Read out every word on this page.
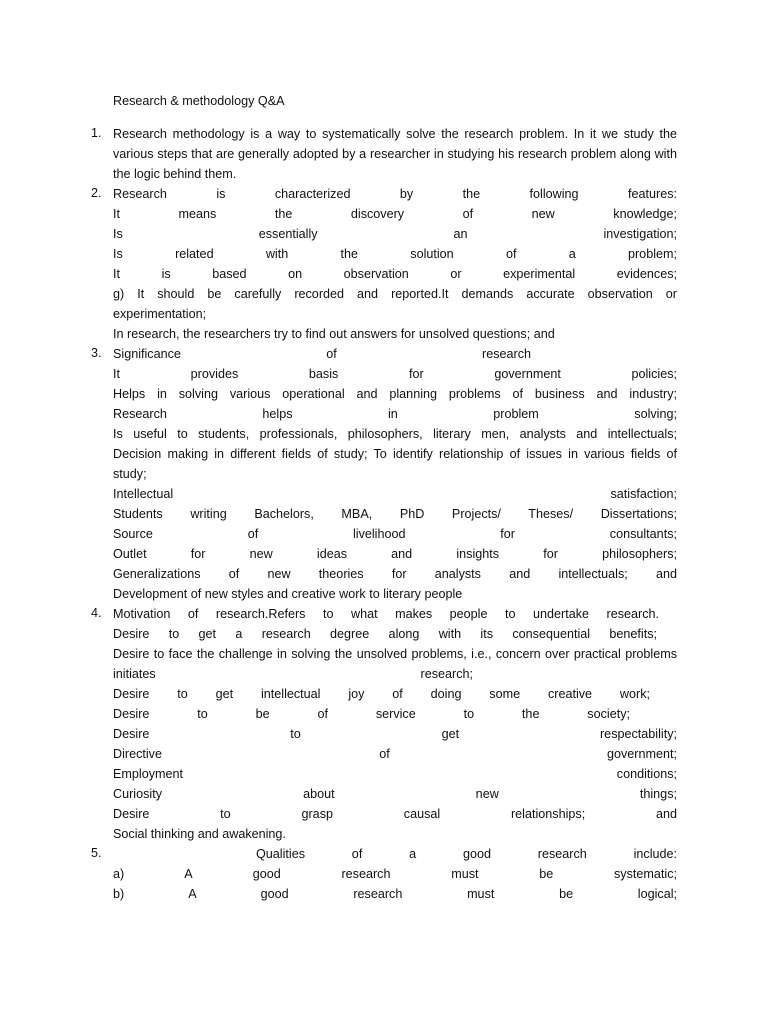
Research & methodology Q&A
1. Research methodology is a way to systematically solve the research problem. In it we study the
various steps that are generally adopted by a researcher in studying his research problem along with
the logic behind them.
2. Research is characterized by the following features:
It means the discovery of new knowledge;
Is essentially an investigation;
Is related with the solution of a problem;
It is based on observation or experimental evidences;
g) It should be carefully recorded and reported.It demands accurate observation or
experimentation;
In research, the researchers try to find out answers for unsolved questions; and
3. Significance of research
It provides basis for government policies;
Helps in solving various operational and planning problems of business and industry;
Research helps in problem solving;
Is useful to students, professionals, philosophers, literary men, analysts and intellectuals;
Decision making in different fields of study; To identify relationship of issues in various fields of
study;
Intellectual satisfaction;
Students writing Bachelors, MBA, PhD Projects/ Theses/ Dissertations;
Source of livelihood for consultants;
Outlet for new ideas and insights for philosophers;
Generalizations of new theories for analysts and intellectuals; and
Development of new styles and creative work to literary people
4. Motivation of research.Refers to what makes people to undertake research.
Desire to get a research degree along with its consequential benefits;
Desire to face the challenge in solving the unsolved problems, i.e., concern over practical problems
initiates research;
Desire to get intellectual joy of doing some creative work;
Desire to be of service to the society;
Desire to get respectability;
Directive of government;
Employment conditions;
Curiosity about new things;
Desire to grasp causal relationships; and
Social thinking and awakening.
5.	Qualities of a good research include:
a) A good research must be systematic;
b) A good research must be logical;
